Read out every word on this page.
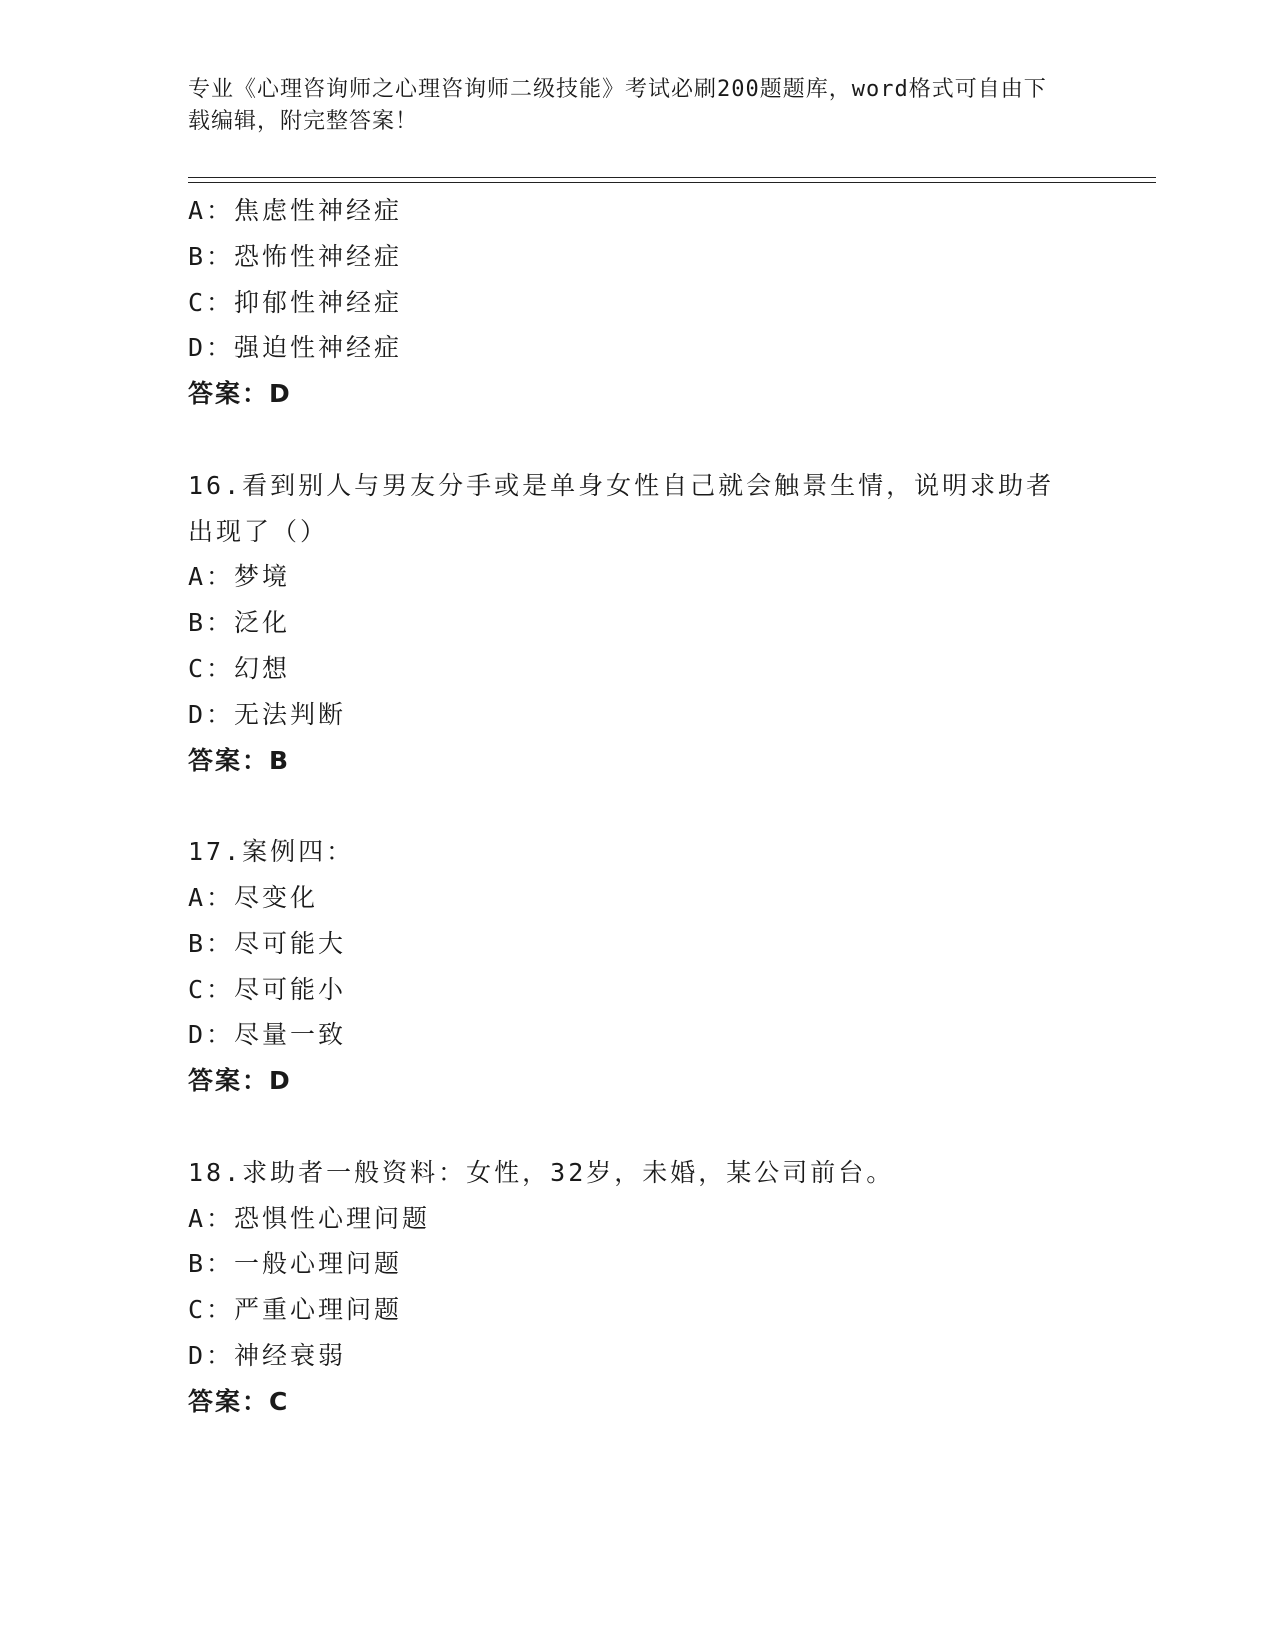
专业《心理咨询师之心理咨询师二级技能》考试必刷200题题库，word格式可自由下载编辑，附完整答案！
A：焦虑性神经症
B：恐怖性神经症
C：抑郁性神经症
D：强迫性神经症
答案：D
16.看到别人与男友分手或是单身女性自己就会触景生情，说明求助者出现了（）
A：梦境
B：泛化
C：幻想
D：无法判断
答案：B
17.案例四：
A：尽变化
B：尽可能大
C：尽可能小
D：尽量一致
答案：D
18.求助者一般资料：女性，32岁，未婚，某公司前台。
A：恐惧性心理问题
B：一般心理问题
C：严重心理问题
D：神经衰弱
答案：C
